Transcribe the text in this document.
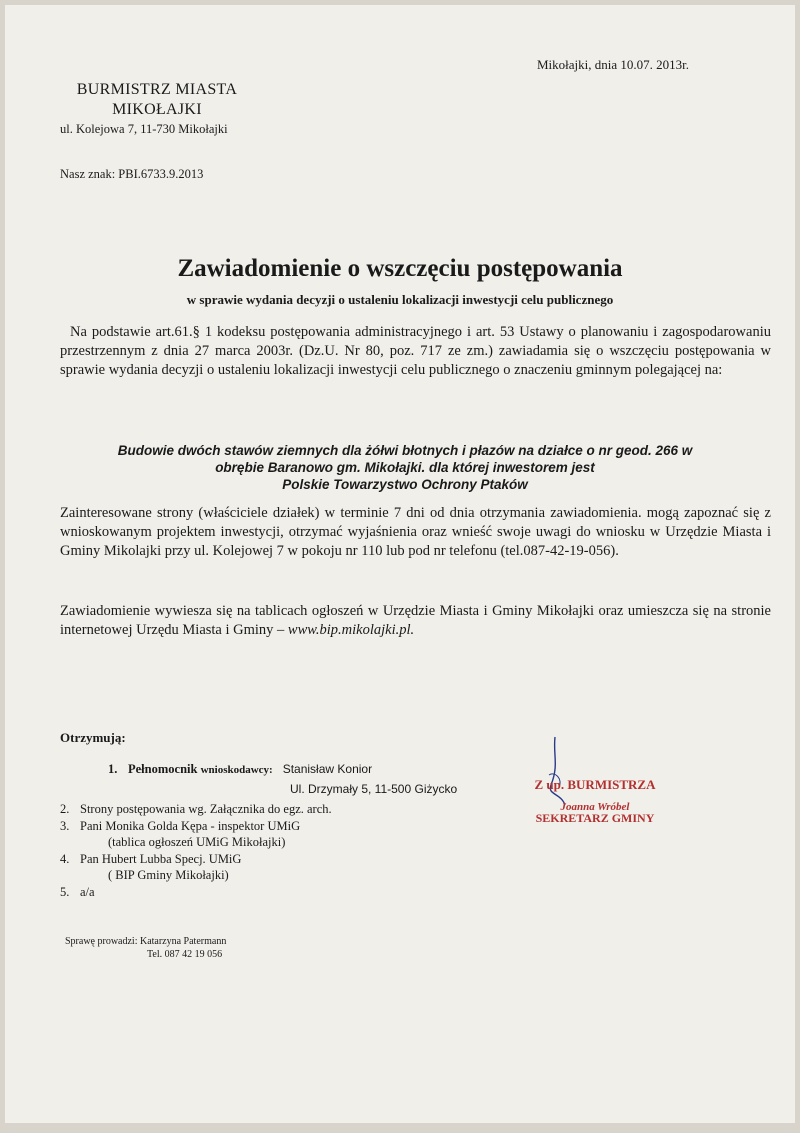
Mikołajki, dnia 10.07. 2013r.
BURMISTRZ MIASTA
MIKOŁAJKI
ul. Kolejowa 7, 11-730 Mikołajki
Nasz znak: PBI.6733.9.2013
Zawiadomienie o wszczęciu postępowania
w sprawie wydania decyzji o ustaleniu lokalizacji inwestycji celu publicznego
Na podstawie art.61.§ 1 kodeksu postępowania administracyjnego i art. 53 Ustawy o planowaniu i zagospodarowaniu przestrzennym z dnia 27 marca 2003r. (Dz.U. Nr 80, poz. 717 ze zm.) zawiadamia się o wszczęciu postępowania w sprawie wydania decyzji o ustaleniu lokalizacji inwestycji celu publicznego o znaczeniu gminnym polegającej na:
Budowie dwóch stawów ziemnych dla żółwi błotnych i płazów na działce o nr geod. 266 w
obrębie Baranowo gm. Mikołajki. dla której inwestorem jest
Polskie Towarzystwo Ochrony Ptaków
Zainteresowane strony (właściciele działek) w terminie 7 dni od dnia otrzymania zawiadomienia. mogą zapoznać się z wnioskowanym projektem inwestycji, otrzymać wyjaśnienia oraz wnieść swoje uwagi do wniosku w Urzędzie Miasta i Gminy Mikolajki przy ul. Kolejowej 7 w pokoju nr 110 lub pod nr telefonu (tel.087-42-19-056).
Zawiadomienie wywiesza się na tablicach ogłoszeń w Urzędzie Miasta i Gminy Mikołajki oraz umieszcza się na stronie internetowej Urzędu Miasta i Gminy – www.bip.mikolajki.pl.
Otrzymują:
1. Pełnomocnik wnioskodawcy: Stanisław Konior
Ul. Drzymały 5, 11-500 Giżycko
2. Strony postępowania wg. Załącznika do egz. arch.
3. Pani Monika Golda Kępa - inspektor UMiG
(tablica ogłoszeń UMiG Mikołajki)
4. Pan Hubert Lubba Specj. UMiG
( BIP Gminy Mikołajki)
5. a/a
Z up. BURMISTRZA
Joanna Wróbel
SEKRETARZ GMINY
Sprawę prowadzi: Katarzyna Patermann
Tel. 087 42 19 056
